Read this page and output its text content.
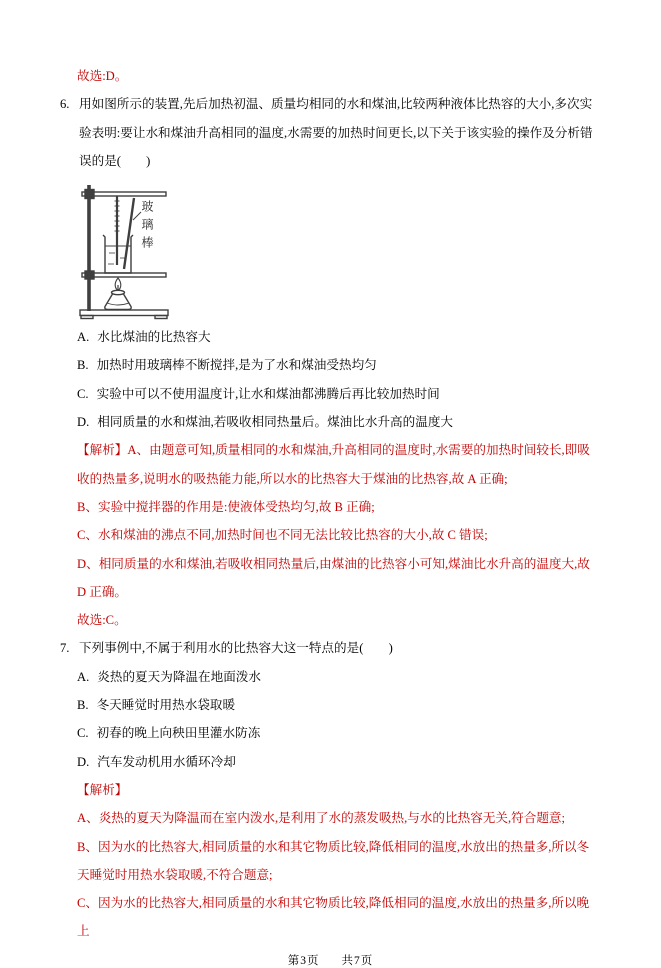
故选:D。

6. 用如图所示的装置,先后加热初温、质量均相同的水和煤油,比较两种液体比热容的大小,多次实验表明:要让水和煤油升高相同的温度,水需要的加热时间更长,以下关于该实验的操作及分析错误的是(　　)

玻璃棒

A. 水比煤油的比热容大

B. 加热时用玻璃棒不断搅拌,是为了水和煤油受热均匀

C. 实验中可以不使用温度计,让水和煤油都沸腾后再比较加热时间

D. 相同质量的水和煤油,若吸收相同热量后。煤油比水升高的温度大

【解析】A、由题意可知,质量相同的水和煤油,升高相同的温度时,水需要的加热时间较长,即吸收的热量多,说明水的吸热能力能,所以水的比热容大于煤油的比热容,故 A 正确;

B、实验中搅拌器的作用是:使液体受热均匀,故 B 正确;

C、水和煤油的沸点不同,加热时间也不同无法比较比热容的大小,故 C 错误;

D、相同质量的水和煤油,若吸收相同热量后,由煤油的比热容小可知,煤油比水升高的温度大,故 D 正确。

故选:C。

7. 下列事例中,不属于利用水的比热容大这一特点的是(　　)

A. 炎热的夏天为降温在地面泼水

B. 冬天睡觉时用热水袋取暖

C. 初春的晚上向秧田里灌水防冻

D. 汽车发动机用水循环冷却

【解析】

A、炎热的夏天为降温而在室内泼水,是利用了水的蒸发吸热,与水的比热容无关,符合题意;

B、因为水的比热容大,相同质量的水和其它物质比较,降低相同的温度,水放出的热量多,所以冬天睡觉时用热水袋取暖,不符合题意;

C、因为水的比热容大,相同质量的水和其它物质比较,降低相同的温度,水放出的热量多,所以晚上

第3页 共7页
